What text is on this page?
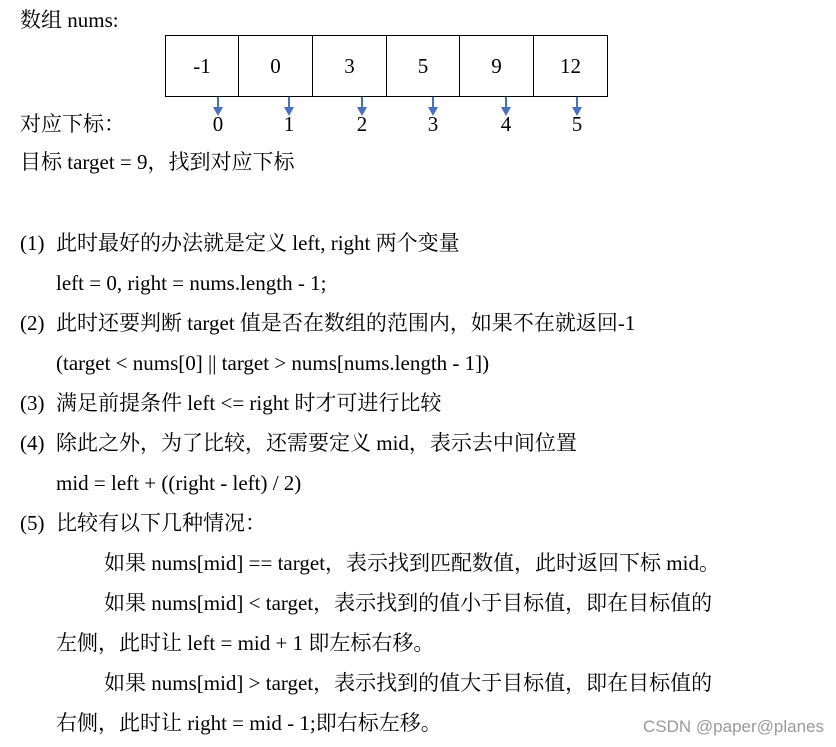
数组 nums:
-1	0	3	5	9	12
对应下标：	0	1	2	3	4	5
目标 target = 9，找到对应下标
(1) 此时最好的办法就是定义 left, right 两个变量
left = 0, right = nums.length - 1;
(2) 此时还要判断 target 值是否在数组的范围内，如果不在就返回-1
(target < nums[0] || target > nums[nums.length - 1])
(3) 满足前提条件 left <= right 时才可进行比较
(4) 除此之外，为了比较，还需要定义 mid，表示去中间位置
mid = left + ((right - left) / 2)
(5) 比较有以下几种情况：
如果 nums[mid] == target，表示找到匹配数值，此时返回下标 mid。
如果 nums[mid] < target，表示找到的值小于目标值，即在目标值的
左侧，此时让 left = mid + 1 即左标右移。
如果 nums[mid] > target，表示找到的值大于目标值，即在目标值的
右侧，此时让 right = mid - 1;即右标左移。	CSDN @paper@planes
